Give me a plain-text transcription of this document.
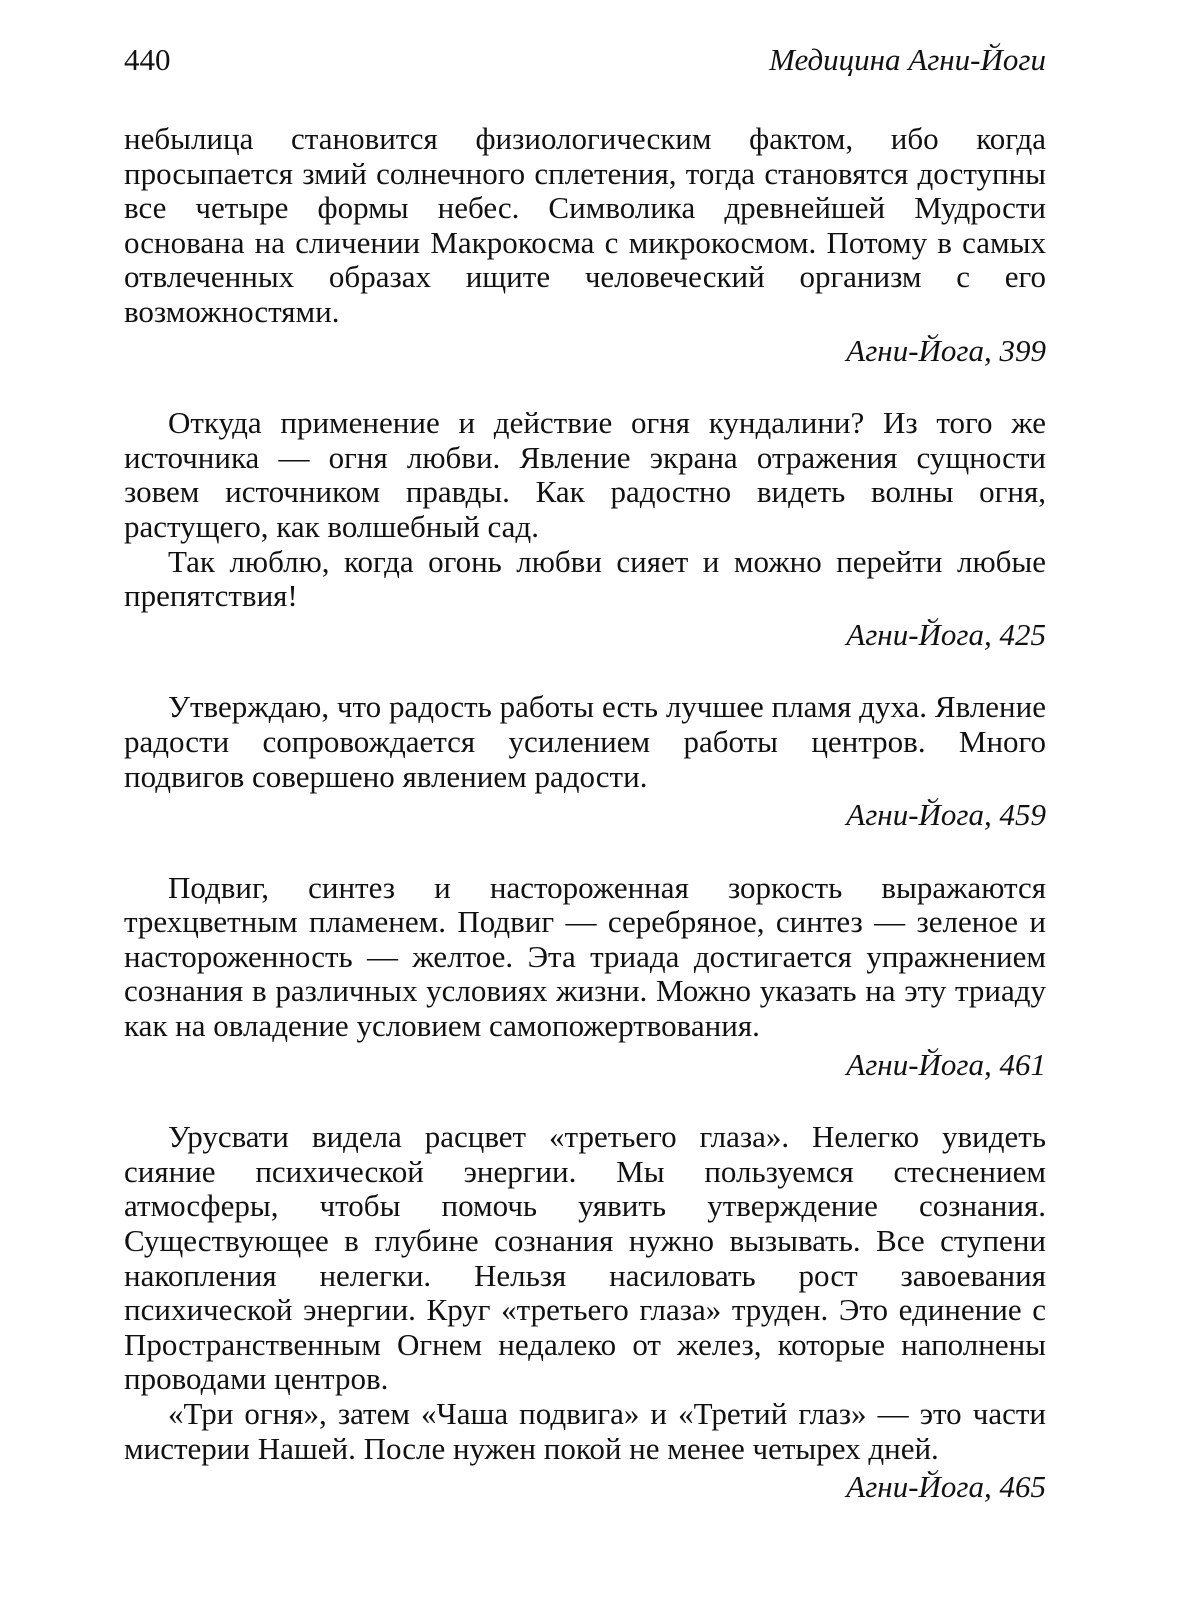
440	Медицина Агни-Йоги

небылица становится физиологическим фактом, ибо когда просыпается змий солнечного сплетения, тогда становятся доступны все четыре формы небес. Символика древнейшей Мудрости основана на сличении Макрокосма с микрокосмом. Потому в самых отвлеченных образах ищите человеческий организм с его возможностями.

Агни-Йога, 399

Откуда применение и действие огня кундалини? Из того же источника — огня любви. Явление экрана отражения сущности зовем источником правды. Как радостно видеть волны огня, растущего, как волшебный сад.

Так люблю, когда огонь любви сияет и можно перейти любые препятствия!

Агни-Йога, 425

Утверждаю, что радость работы есть лучшее пламя духа. Явление радости сопровождается усилением работы центров. Много подвигов совершено явлением радости.

Агни-Йога, 459

Подвиг, синтез и настороженная зоркость выражаются трехцветным пламенем. Подвиг — серебряное, синтез — зеленое и настороженность — желтое. Эта триада достигается упражнением сознания в различных условиях жизни. Можно указать на эту триаду как на овладение условием самопожертвования.

Агни-Йога, 461

Урусвати видела расцвет «третьего глаза». Нелегко увидеть сияние психической энергии. Мы пользуемся стеснением атмосферы, чтобы помочь уявить утверждение сознания. Существующее в глубине сознания нужно вызывать. Все ступени накопления нелегки. Нельзя насиловать рост завоевания психической энергии. Круг «третьего глаза» труден. Это единение с Пространственным Огнем недалеко от желез, которые наполнены проводами центров.

«Три огня», затем «Чаша подвига» и «Третий глаз» — это части мистерии Нашей. После нужен покой не менее четырех дней.

Агни-Йога, 465
